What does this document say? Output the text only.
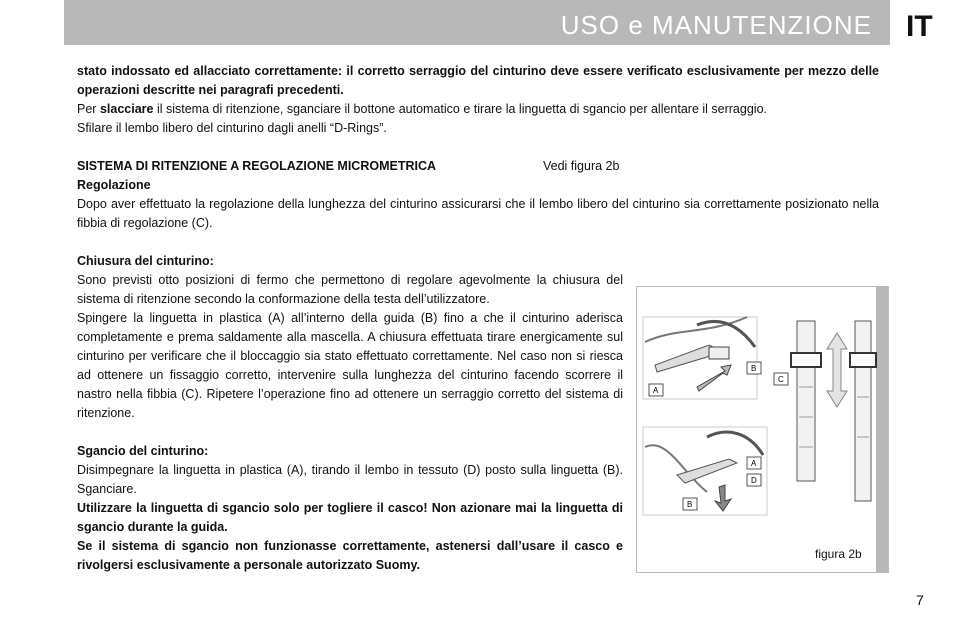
USO e MANUTENZIONE IT

stato indossato ed allacciato correttamente: il corretto serraggio del cinturino deve essere verificato esclusivamente per mezzo delle operazioni descritte nei paragrafi precedenti.

Per slacciare il sistema di ritenzione, sganciare il bottone automatico e tirare la linguetta di sgancio per allentare il serraggio.

Sfilare il lembo libero del cinturino dagli anelli “D-Rings”.

SISTEMA DI RITENZIONE A REGOLAZIONE MICROMETRICA	Vedi figura 2b

Regolazione

Dopo aver effettuato la regolazione della lunghezza del cinturino assicurarsi che il lembo libero del cinturino sia correttamente posizionato nella fibbia di regolazione (C).

Chiusura del cinturino:

Sono previsti otto posizioni di fermo che permettono di regolare agevolmente la chiusura del sistema di ritenzione secondo la conformazione della testa dell’utilizzatore.

Spingere la linguetta in plastica (A) all’interno della guida (B) fino a che il cinturino aderisca completamente e prema saldamente alla mascella. A chiusura effettuata tirare energicamente sul cinturino per verificare che il bloccaggio sia stato effettuato correttamente. Nel caso non si riesca ad ottenere un fissaggio corretto, intervenire sulla lunghezza del cinturino facendo scorrere il nastro nella fibbia (C). Ripetere l’operazione fino ad ottenere un serraggio corretto del sistema di ritenzione.

Sgancio del cinturino:

Disimpegnare la linguetta in plastica (A), tirando il lembo in tessuto (D) posto sulla linguetta (B). Sganciare.

Utilizzare la linguetta di sgancio solo per togliere il casco! Non azionare mai la linguetta di sgancio durante la guida.

Se il sistema di sgancio non funzionasse correttamente, astenersi dall’usare il casco e rivolgersi esclusivamente a personale autorizzato Suomy.

A
B
C
A
D
B
figura 2b
7
